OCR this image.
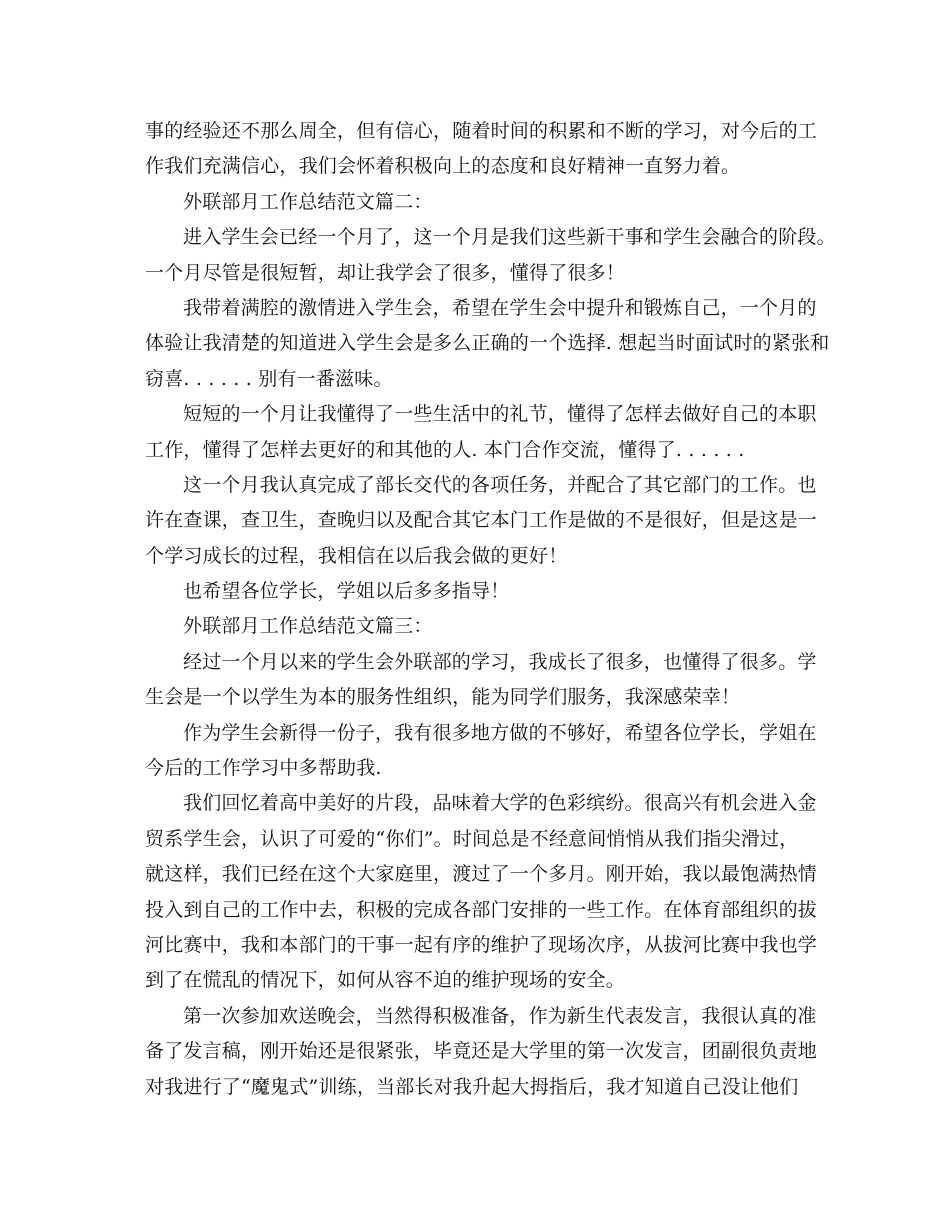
事的经验还不那么周全，但有信心，随着时间的积累和不断的学习，对今后的工
作我们充满信心，我们会怀着积极向上的态度和良好精神一直努力着。
外联部月工作总结范文篇二：
进入学生会已经一个月了，这一个月是我们这些新干事和学生会融合的阶段。
一个月尽管是很短暂，却让我学会了很多，懂得了很多！
我带着满腔的激情进入学生会，希望在学生会中提升和锻炼自己，一个月的
体验让我清楚的知道进入学生会是多么正确的一个选择. 想起当时面试时的紧张和
窃喜. . . . . . 别有一番滋味。
短短的一个月让我懂得了一些生活中的礼节，懂得了怎样去做好自己的本职
工作，懂得了怎样去更好的和其他的人. 本门合作交流，懂得了. . . . . .
这一个月我认真完成了部长交代的各项任务，并配合了其它部门的工作。也
许在查课，查卫生，查晚归以及配合其它本门工作是做的不是很好，但是这是一
个学习成长的过程，我相信在以后我会做的更好！
也希望各位学长，学姐以后多多指导！
外联部月工作总结范文篇三：
经过一个月以来的学生会外联部的学习，我成长了很多，也懂得了很多。学
生会是一个以学生为本的服务性组织，能为同学们服务，我深感荣幸！
作为学生会新得一份子，我有很多地方做的不够好，希望各位学长，学姐在
今后的工作学习中多帮助我.
我们回忆着高中美好的片段，品味着大学的色彩缤纷。很高兴有机会进入金
贸系学生会，认识了可爱的“你们”。时间总是不经意间悄悄从我们指尖滑过，
就这样，我们已经在这个大家庭里，渡过了一个多月。刚开始，我以最饱满热情
投入到自己的工作中去，积极的完成各部门安排的一些工作。在体育部组织的拔
河比赛中，我和本部门的干事一起有序的维护了现场次序，从拔河比赛中我也学
到了在慌乱的情况下，如何从容不迫的维护现场的安全。
第一次参加欢送晚会，当然得积极准备，作为新生代表发言，我很认真的准
备了发言稿，刚开始还是很紧张，毕竟还是大学里的第一次发言，团副很负责地
对我进行了“魔鬼式”训练，当部长对我升起大拇指后，我才知道自己没让他们
